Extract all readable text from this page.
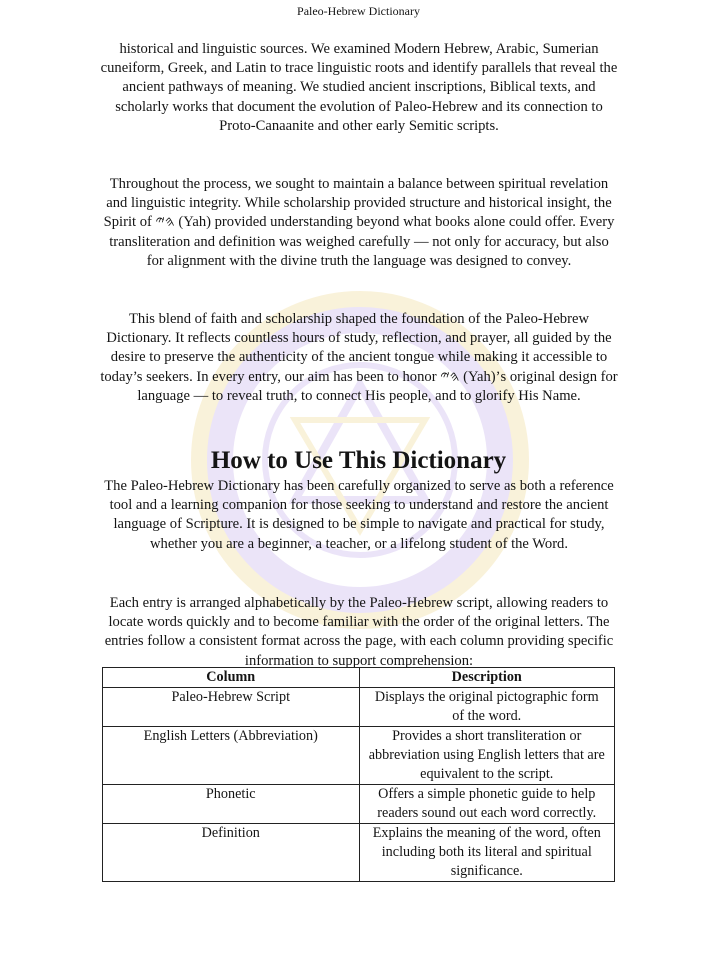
Paleo-Hebrew Dictionary

historical and linguistic sources. We examined Modern Hebrew, Arabic, Sumerian cuneiform, Greek, and Latin to trace linguistic roots and identify parallels that reveal the ancient pathways of meaning. We studied ancient inscriptions, Biblical texts, and scholarly works that document the evolution of Paleo-Hebrew and its connection to Proto-Canaanite and other early Semitic scripts.

Throughout the process, we sought to maintain a balance between spiritual revelation and linguistic integrity. While scholarship provided structure and historical insight, the Spirit of 𐤄𐤉 (Yah) provided understanding beyond what books alone could offer. Every transliteration and definition was weighed carefully — not only for accuracy, but also for alignment with the divine truth the language was designed to convey.

This blend of faith and scholarship shaped the foundation of the Paleo-Hebrew Dictionary. It reflects countless hours of study, reflection, and prayer, all guided by the desire to preserve the authenticity of the ancient tongue while making it accessible to today’s seekers. In every entry, our aim has been to honor 𐤄𐤉 (Yah)’s original design for language — to reveal truth, to connect His people, and to glorify His Name.

How to Use This Dictionary

The Paleo-Hebrew Dictionary has been carefully organized to serve as both a reference tool and a learning companion for those seeking to understand and restore the ancient language of Scripture. It is designed to be simple to navigate and practical for study, whether you are a beginner, a teacher, or a lifelong student of the Word.

Each entry is arranged alphabetically by the Paleo-Hebrew script, allowing readers to locate words quickly and to become familiar with the order of the original letters. The entries follow a consistent format across the page, with each column providing specific information to support comprehension:

Column	Description
Paleo-Hebrew Script	Displays the original pictographic form of the word.
English Letters (Abbreviation)	Provides a short transliteration or abbreviation using English letters that are equivalent to the script.
Phonetic	Offers a simple phonetic guide to help readers sound out each word correctly.
Definition	Explains the meaning of the word, often including both its literal and spiritual significance.
